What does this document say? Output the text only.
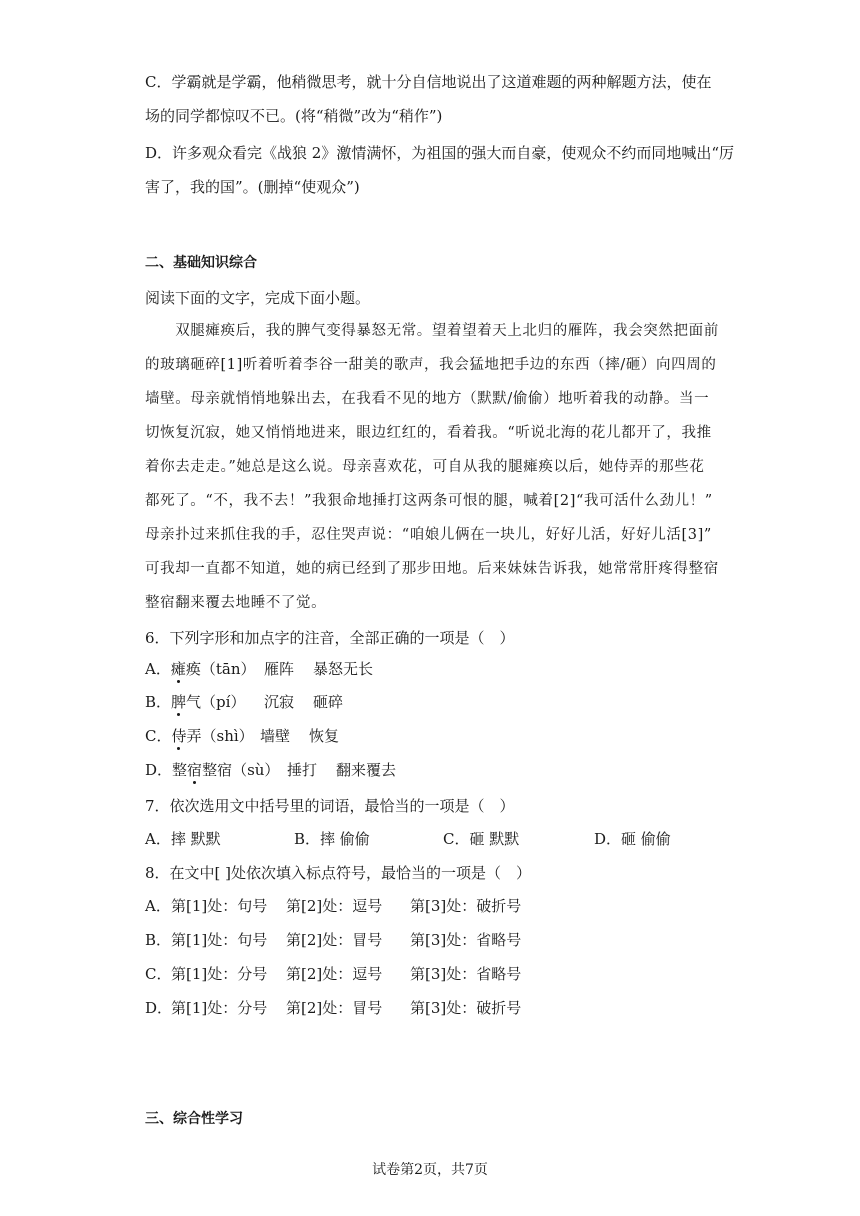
C．学霸就是学霸，他稍微思考，就十分自信地说出了这道难题的两种解题方法，使在
场的同学都惊叹不已。(将“稍微”改为“稍作”)
D．许多观众看完《战狼 2》激情满怀，为祖国的强大而自豪，使观众不约而同地喊出“厉
害了，我的国”。(删掉“使观众”)
二、基础知识综合
阅读下面的文字，完成下面小题。
　　双腿瘫痪后，我的脾气变得暴怒无常。望着望着天上北归的雁阵，我会突然把面前
的玻璃砸碎[1]听着听着李谷一甜美的歌声，我会猛地把手边的东西（摔/砸）向四周的
墙壁。母亲就悄悄地躲出去，在我看不见的地方（默默/偷偷）地听着我的动静。当一
切恢复沉寂，她又悄悄地进来，眼边红红的，看着我。“听说北海的花儿都开了，我推
着你去走走。”她总是这么说。母亲喜欢花，可自从我的腿瘫痪以后，她侍弄的那些花
都死了。“不，我不去！”我狠命地捶打这两条可恨的腿，喊着[2]“我可活什么劲儿！”
母亲扑过来抓住我的手，忍住哭声说：“咱娘儿俩在一块儿，好好儿活，好好儿活[3]”
可我却一直都不知道，她的病已经到了那步田地。后来妹妹告诉我，她常常肝疼得整宿
整宿翻来覆去地睡不了觉。
6．下列字形和加点字的注音，全部正确的一项是（　）
A．瘫痪（tān） 雁阵 暴怒无长
B．脾气（pí） 沉寂 砸碎
C．侍弄（shì） 墙壁 恢复
D．整宿整宿（sù） 捶打 翻来覆去
7．依次选用文中括号里的词语，最恰当的一项是（　）
A．摔 默默	B．摔 偷偷	C．砸 默默	D．砸 偷偷
8．在文中[ ]处依次填入标点符号，最恰当的一项是（　）
A． 第[1]处：句号 第[2]处：逗号 第[3]处：破折号
B． 第[1]处：句号 第[2]处：冒号 第[3]处：省略号
C． 第[1]处：分号 第[2]处：逗号 第[3]处：省略号
D．
第[1]处：分号 第[2]处：冒号 第[3]处：破折号
三、综合性学习
试卷第2页，共7页
